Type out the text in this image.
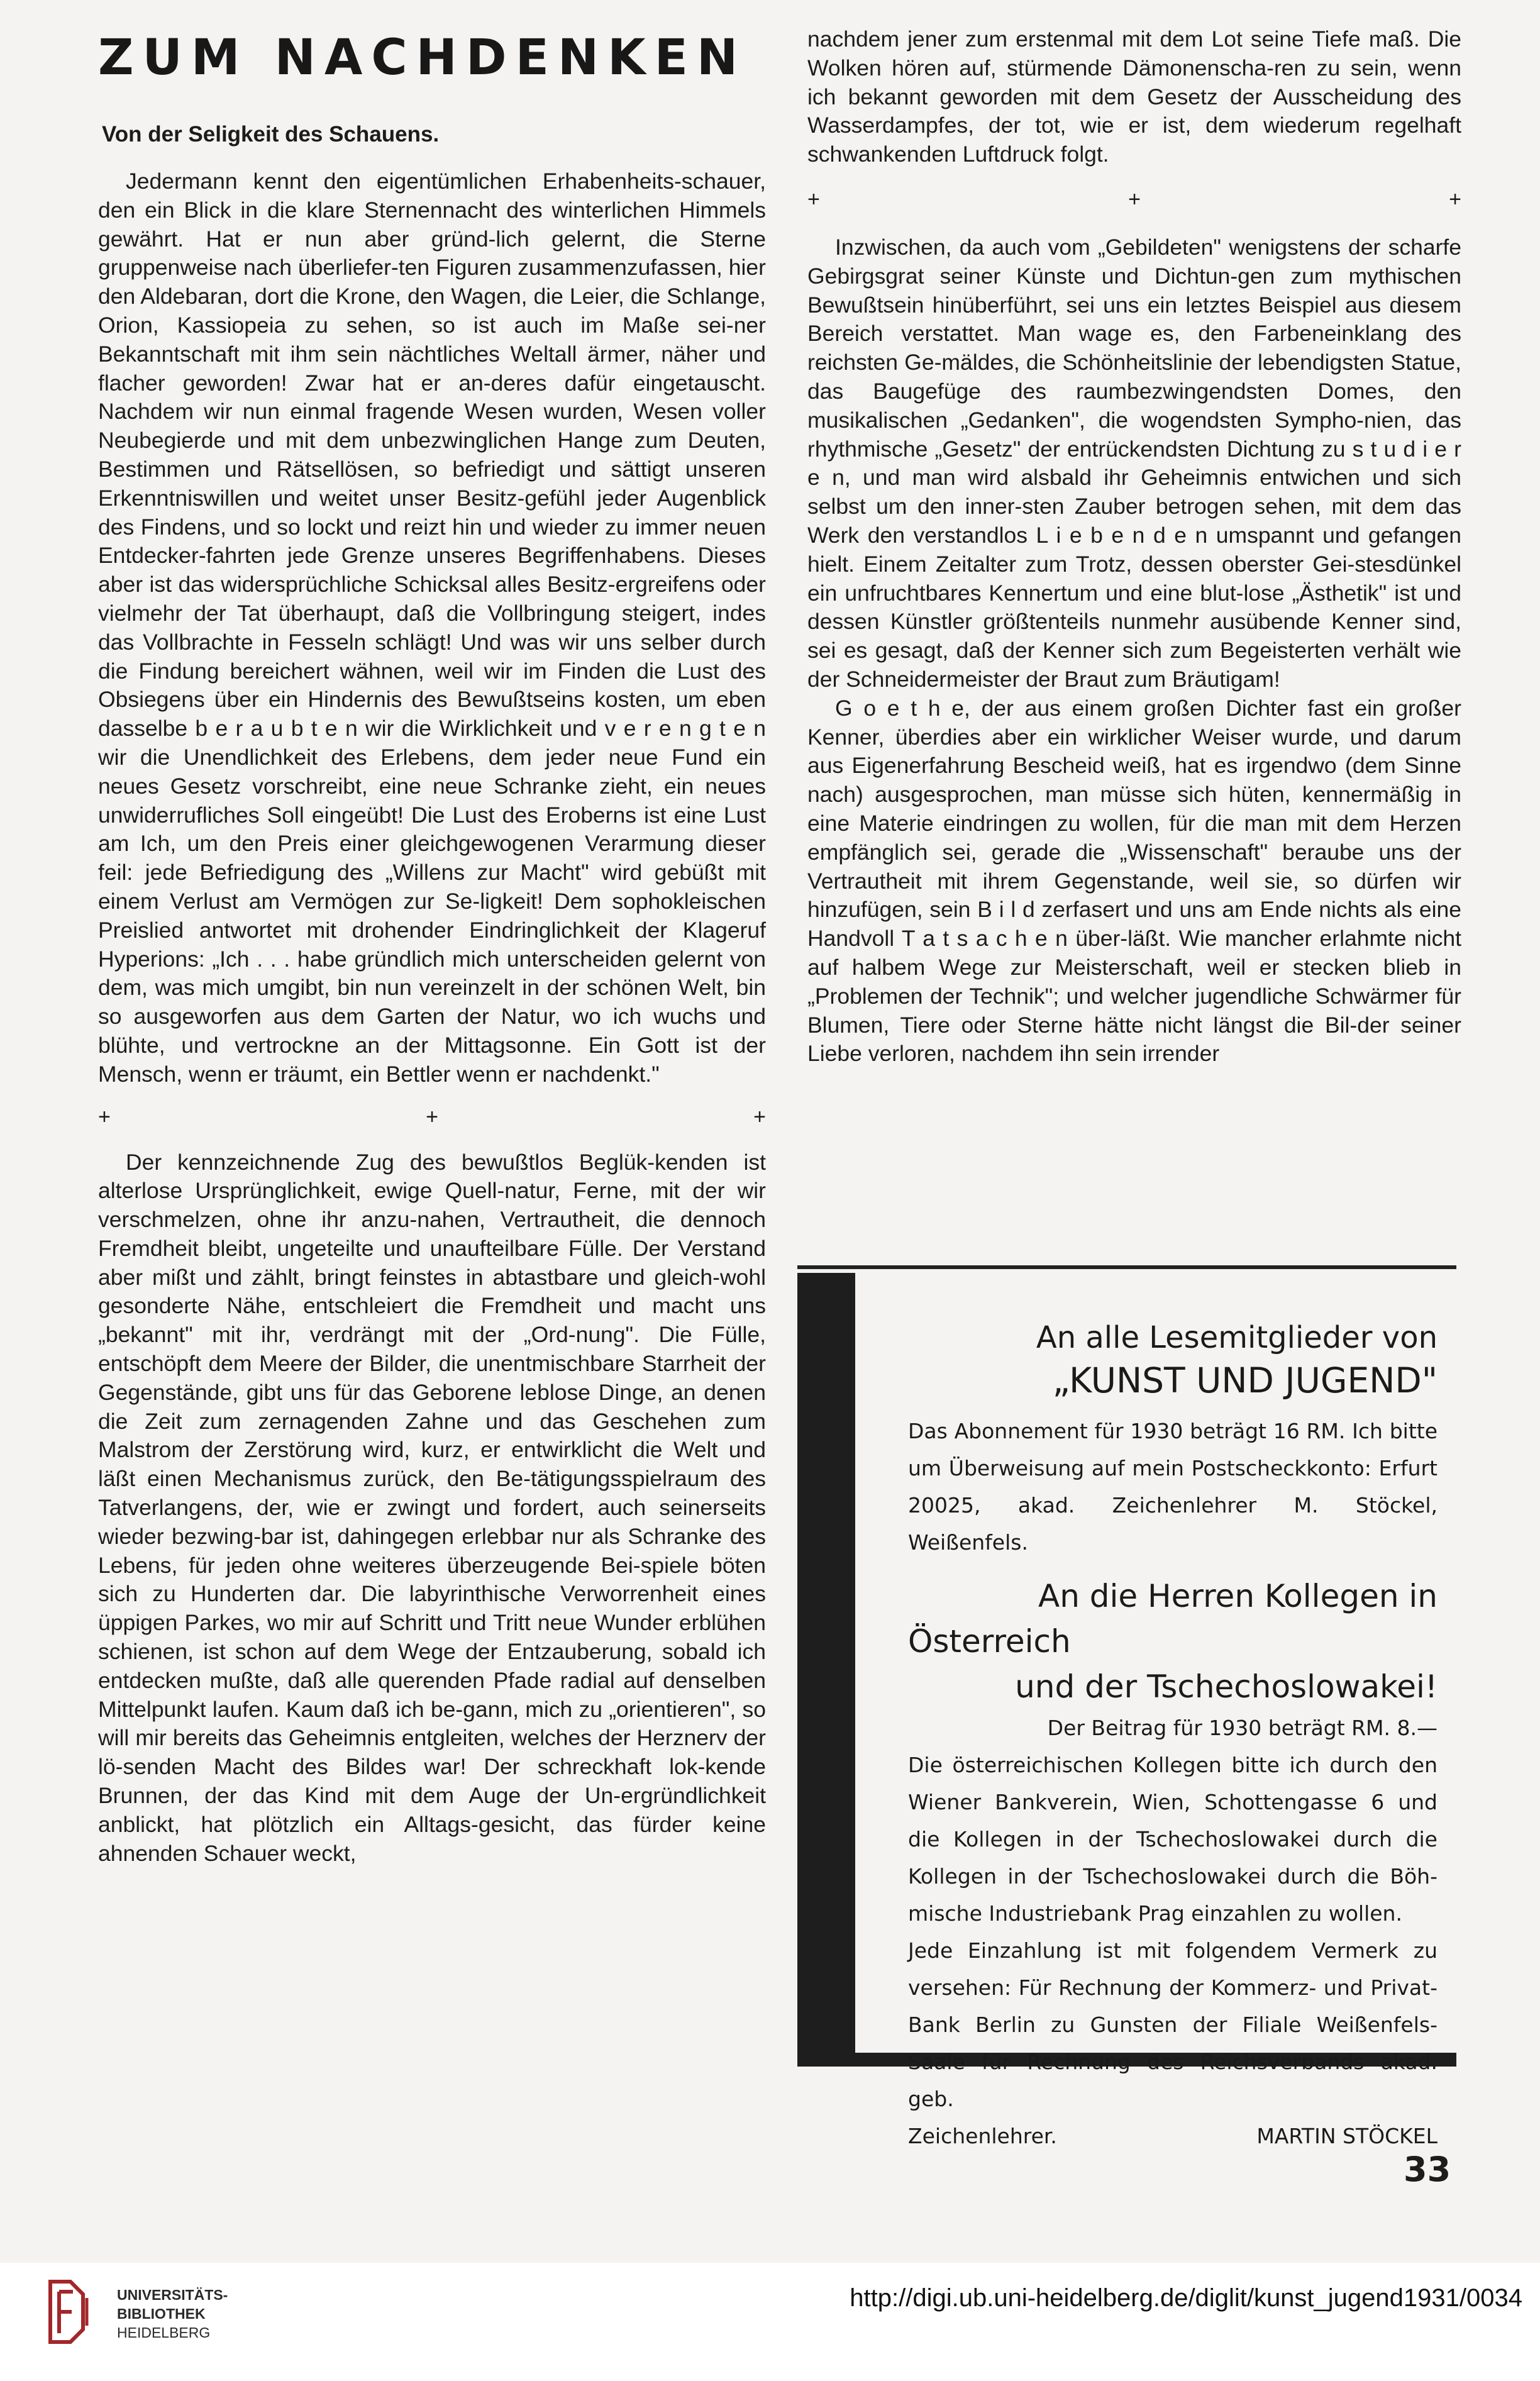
ZUM NACHDENKEN
Von der Seligkeit des Schauens.

Jedermann kennt den eigentümlichen Erhabenheits-schauer, den ein Blick in die klare Sternennacht des winterlichen Himmels gewährt. Hat er nun aber gründ-lich gelernt, die Sterne gruppenweise nach überliefer-ten Figuren zusammenzufassen, hier den Aldebaran, dort die Krone, den Wagen, die Leier, die Schlange, Orion, Kassiopeia zu sehen, so ist auch im Maße sei-ner Bekanntschaft mit ihm sein nächtliches Weltall ärmer, näher und flacher geworden! Zwar hat er an-deres dafür eingetauscht. Nachdem wir nun einmal fragende Wesen wurden, Wesen voller Neubegierde und mit dem unbezwinglichen Hange zum Deuten, Bestimmen und Rätsellösen, so befriedigt und sättigt unseren Erkenntniswillen und weitet unser Besitz-gefühl jeder Augenblick des Findens, und so lockt und reizt hin und wieder zu immer neuen Entdecker-fahrten jede Grenze unseres Begriffenhabens. Dieses aber ist das widersprüchliche Schicksal alles Besitz-ergreifens oder vielmehr der Tat überhaupt, daß die Vollbringung steigert, indes das Vollbrachte in Fesseln schlägt! Und was wir uns selber durch die Findung bereichert wähnen, weil wir im Finden die Lust des Obsiegens über ein Hindernis des Bewußtseins kosten, um eben dasselbe b e r a u b t e n wir die Wirklichkeit und v e r e n g t e n wir die Unendlichkeit des Erlebens, dem jeder neue Fund ein neues Gesetz vorschreibt, eine neue Schranke zieht, ein neues unwiderrufliches Soll eingeübt! Die Lust des Eroberns ist eine Lust am Ich, um den Preis einer gleichgewogenen Verarmung dieser feil: jede Befriedigung des „Willens zur Macht" wird gebüßt mit einem Verlust am Vermögen zur Se-ligkeit! Dem sophokleischen Preislied antwortet mit drohender Eindringlichkeit der Klageruf Hyperions: „Ich . . . habe gründlich mich unterscheiden gelernt von dem, was mich umgibt, bin nun vereinzelt in der schönen Welt, bin so ausgeworfen aus dem Garten der Natur, wo ich wuchs und blühte, und vertrockne an der Mittagsonne. Ein Gott ist der Mensch, wenn er träumt, ein Bettler wenn er nachdenkt."

+	+	+

Der kennzeichnende Zug des bewußtlos Beglük-kenden ist alterlose Ursprünglichkeit, ewige Quell-natur, Ferne, mit der wir verschmelzen, ohne ihr anzu-nahen, Vertrautheit, die dennoch Fremdheit bleibt, ungeteilte und unaufteilbare Fülle. Der Verstand aber mißt und zählt, bringt feinstes in abtastbare und gleich-wohl gesonderte Nähe, entschleiert die Fremdheit und macht uns „bekannt" mit ihr, verdrängt mit der „Ord-nung". Die Fülle, entschöpft dem Meere der Bilder, die unentmischbare Starrheit der Gegenstände, gibt uns für das Geborene leblose Dinge, an denen die Zeit zum zernagenden Zahne und das Geschehen zum Malstrom der Zerstörung wird, kurz, er entwirklicht die Welt und läßt einen Mechanismus zurück, den Be-tätigungsspielraum des Tatverlangens, der, wie er zwingt und fordert, auch seinerseits wieder bezwing-bar ist, dahingegen erlebbar nur als Schranke des Lebens, für jeden ohne weiteres überzeugende Bei-spiele böten sich zu Hunderten dar. Die labyrinthische Verworrenheit eines üppigen Parkes, wo mir auf Schritt und Tritt neue Wunder erblühen schienen, ist schon auf dem Wege der Entzauberung, sobald ich entdecken mußte, daß alle querenden Pfade radial auf denselben Mittelpunkt laufen. Kaum daß ich be-gann, mich zu „orientieren", so will mir bereits das Geheimnis entgleiten, welches der Herznerv der lö-senden Macht des Bildes war! Der schreckhaft lok-kende Brunnen, der das Kind mit dem Auge der Un-ergründlichkeit anblickt, hat plötzlich ein Alltags-gesicht, das fürder keine ahnenden Schauer weckt,

nachdem jener zum erstenmal mit dem Lot seine Tiefe maß. Die Wolken hören auf, stürmende Dämonenscha-ren zu sein, wenn ich bekannt geworden mit dem Gesetz der Ausscheidung des Wasserdampfes, der tot, wie er ist, dem wiederum regelhaft schwankenden Luftdruck folgt.

+	+	+

Inzwischen, da auch vom „Gebildeten" wenigstens der scharfe Gebirgsgrat seiner Künste und Dichtun-gen zum mythischen Bewußtsein hinüberführt, sei uns ein letztes Beispiel aus diesem Bereich verstattet. Man wage es, den Farbeneinklang des reichsten Ge-mäldes, die Schönheitslinie der lebendigsten Statue, das Baugefüge des raumbezwingendsten Domes, den musikalischen „Gedanken", die wogendsten Sympho-nien, das rhythmische „Gesetz" der entrückendsten Dichtung zu s t u d i e r e n, und man wird alsbald ihr Geheimnis entwichen und sich selbst um den inner-sten Zauber betrogen sehen, mit dem das Werk den verstandlos L i e b e n d e n umspannt und gefangen hielt. Einem Zeitalter zum Trotz, dessen oberster Gei-stesdünkel ein unfruchtbares Kennertum und eine blut-lose „Ästhetik" ist und dessen Künstler größtenteils nunmehr ausübende Kenner sind, sei es gesagt, daß der Kenner sich zum Begeisterten verhält wie der Schneidermeister der Braut zum Bräutigam!

G o e t h e, der aus einem großen Dichter fast ein großer Kenner, überdies aber ein wirklicher Weiser wurde, und darum aus Eigenerfahrung Bescheid weiß, hat es irgendwo (dem Sinne nach) ausgesprochen, man müsse sich hüten, kennermäßig in eine Materie eindringen zu wollen, für die man mit dem Herzen empfänglich sei, gerade die „Wissenschaft" beraube uns der Vertrautheit mit ihrem Gegenstande, weil sie, so dürfen wir hinzufügen, sein B i l d zerfasert und uns am Ende nichts als eine Handvoll T a t s a c h e n über-läßt. Wie mancher erlahmte nicht auf halbem Wege zur Meisterschaft, weil er stecken blieb in „Problemen der Technik"; und welcher jugendliche Schwärmer für Blumen, Tiere oder Sterne hätte nicht längst die Bil-der seiner Liebe verloren, nachdem ihn sein irrender

An alle Lesemitglieder von

„KUNST UND JUGEND"

Das Abonnement für 1930 beträgt 16 RM. Ich bitte um Überweisung auf mein Postscheckkonto: Erfurt 20025, akad. Zeichenlehrer M. Stöckel, Weißenfels.

An die Herren Kollegen in

Österreich

und der Tschechoslowakei!

Der Beitrag für 1930 beträgt RM. 8.—

Die österreichischen Kollegen bitte ich durch den Wiener Bankverein, Wien, Schottengasse 6 und die Kollegen in der Tschechoslowakei durch die Kollegen in der Tschechoslowakei durch die Böh-mische Industriebank Prag einzahlen zu wollen.

Jede Einzahlung ist mit folgendem Vermerk zu versehen: Für Rechnung der Kommerz- und Privat-Bank Berlin zu Gunsten der Filiale Weißenfels-Saale für Rechnung des Reichsverbands akad. geb.

Zeichenlehrer.	MARTIN STÖCKEL
33
UNIVERSITÄTS-
BIBLIOTHEK
HEIDELBERG
http://digi.ub.uni-heidelberg.de/diglit/kunst_jugend1931/0034
